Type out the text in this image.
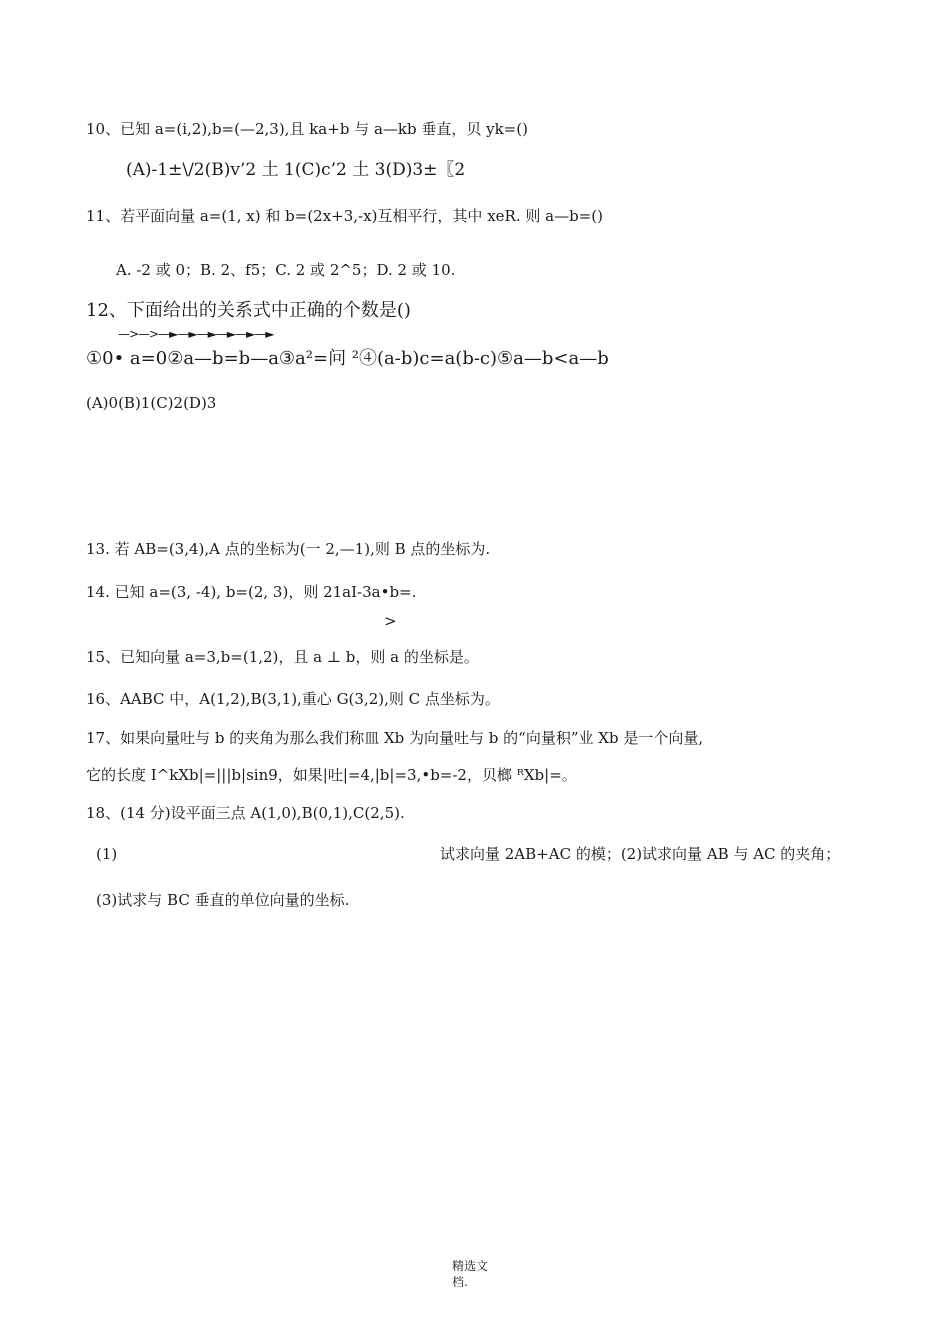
10、已知 a=(i,2),b=(—2,3),且 ka+b 与 a—kb 垂直，贝 yk=()
(A)-1±\/2(B)v’2 土 1(C)c’2 土 3(D)3±〖2
11、若平面向量 a=(1, x) 和 b=(2x+3,-x)互相平行，其中 xeR. 则 a—b=()
A. -2 或 0；B. 2、f5；C. 2 或 2^5；D. 2 或 10.
12、下面给出的关系式中正确的个数是()
—>—>—►—►—►—►—►—►
①0• a=0②a—b=b—a③a²=问 ²④(a-b)c=a(b-c)⑤a—b<a—b
(A)0(B)1(C)2(D)3
13. 若 AB=(3,4),A 点的坐标为(一 2,—1),则 B 点的坐标为.
14. 已知 a=(3, -4), b=(2, 3)，则 21aI-3a•b=.
>
15、已知向量 a=3,b=(1,2)，且 a ⊥ b，则 a 的坐标是。
16、AABC 中，A(1,2),B(3,1),重心 G(3,2),则 C 点坐标为。
17、如果向量吐与 b 的夹角为那么我们称皿 Xb 为向量吐与 b 的“向量积”业 Xb 是一个向量,
它的长度 I^kXb|=|||b|sin9，如果|吐|=4,|b|=3,•b=-2，贝榔 ᴿXb|=。
18、(14 分)设平面三点 A(1,0),B(0,1),C(2,5).
(1)	试求向量 2AB+AC 的模；(2)试求向量 AB 与 AC 的夹角；
(3)试求与 BC 垂直的单位向量的坐标.
精选文
档.
